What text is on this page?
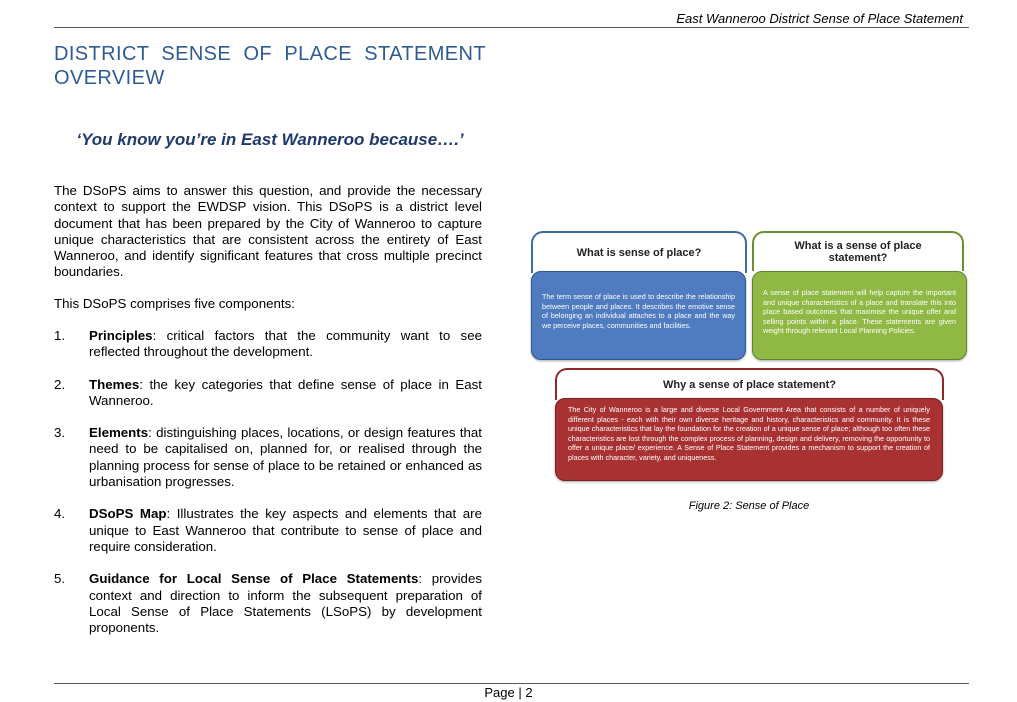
East Wanneroo District Sense of Place Statement
DISTRICT SENSE OF PLACE STATEMENT OVERVIEW
‘You know you’re in East Wanneroo because….’
The DSoPS aims to answer this question, and provide the necessary context to support the EWDSP vision. This DSoPS is a district level document that has been prepared by the City of Wanneroo to capture unique characteristics that are consistent across the entirety of East Wanneroo, and identify significant features that cross multiple precinct boundaries.
This DSoPS comprises five components:
1. Principles: critical factors that the community want to see reflected throughout the development.
2. Themes: the key categories that define sense of place in East Wanneroo.
3. Elements: distinguishing places, locations, or design features that need to be capitalised on, planned for, or realised through the planning process for sense of place to be retained or enhanced as urbanisation progresses.
4. DSoPS Map: Illustrates the key aspects and elements that are unique to East Wanneroo that contribute to sense of place and require consideration.
5. Guidance for Local Sense of Place Statements: provides context and direction to inform the subsequent preparation of Local Sense of Place Statements (LSoPS) by development proponents.
What is sense of place?
The term sense of place is used to describe the relationship between people and places. It describes the emotive sense of belonging an individual attaches to a place and the way we perceive places, communities and facilities.
What is a sense of place statement?
A sense of place statement will help capture the important and unique characteristics of a place and translate this into place based outcomes that maximise the unique offer and selling points within a place. These statements are given weight through relevant Local Planning Policies.
Why a sense of place statement?
The City of Wanneroo is a large and diverse Local Government Area that consists of a number of uniquely different places - each with their own diverse heritage and history, characteristics and community. It is these unique characteristics that lay the foundation for the creation of a unique sense of place; although too often these characteristics are lost through the complex process of planning, design and delivery, removing the opportunity to offer a unique place/ experience. A Sense of Place Statement provides a mechanism to support the creation of places with character, variety, and uniqueness.
Figure 2: Sense of Place
Page | 2
